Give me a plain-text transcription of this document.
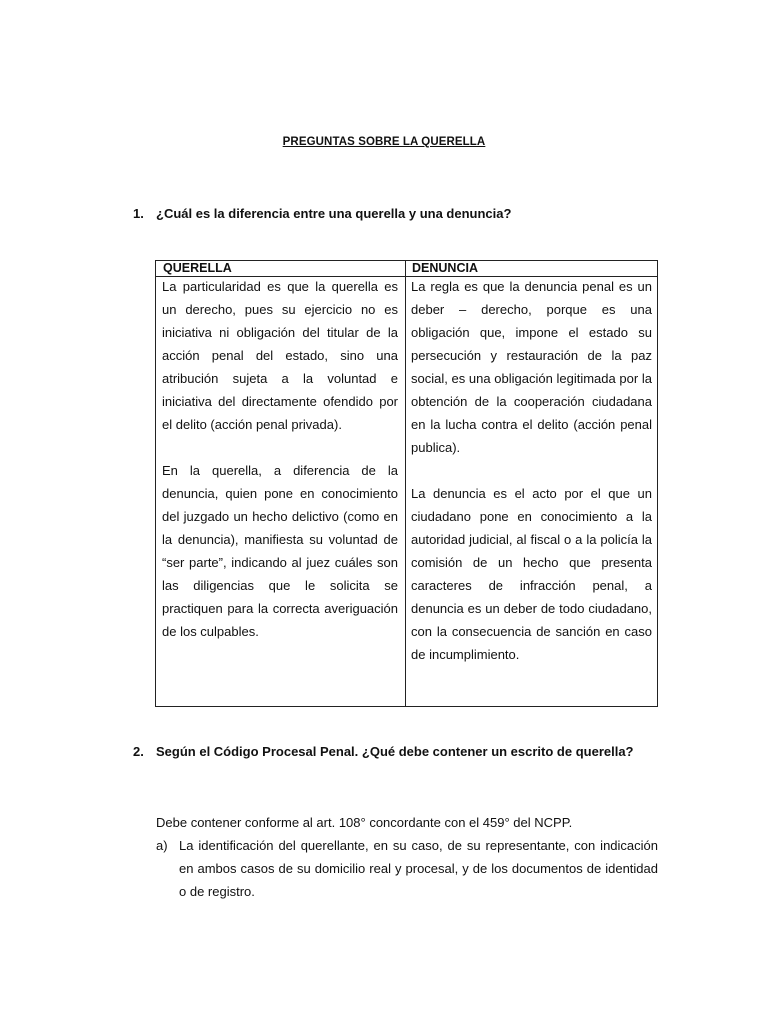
PREGUNTAS SOBRE LA QUERELLA
1. ¿Cuál es la diferencia entre una querella y una denuncia?
QUERELLA	DENUNCIA

La particularidad es que la querella es un derecho, pues su ejercicio no es iniciativa ni obligación del titular de la acción penal del estado, sino una atribución sujeta a la voluntad e iniciativa del directamente ofendido por el delito (acción penal privada).

En la querella, a diferencia de la denuncia, quien pone en conocimiento del juzgado un hecho delictivo (como en la denuncia), manifiesta su voluntad de “ser parte”, indicando al juez cuáles son las diligencias que le solicita se practiquen para la correcta averiguación de los culpables.

La regla es que la denuncia penal es un deber – derecho, porque es una obligación que, impone el estado su persecución y restauración de la paz social, es una obligación legitimada por la obtención de la cooperación ciudadana en la lucha contra el delito (acción penal publica).

La denuncia es el acto por el que un ciudadano pone en conocimiento a la autoridad judicial, al fiscal o a la policía la comisión de un hecho que presenta caracteres de infracción penal, a denuncia es un deber de todo ciudadano, con la consecuencia de sanción en caso de incumplimiento.

2. Según el Código Procesal Penal. ¿Qué debe contener un escrito de querella?
Debe contener conforme al art. 108° concordante con el 459° del NCPP.
a) La identificación del querellante, en su caso, de su representante, con indicación en ambos casos de su domicilio real y procesal, y de los documentos de identidad o de registro.
